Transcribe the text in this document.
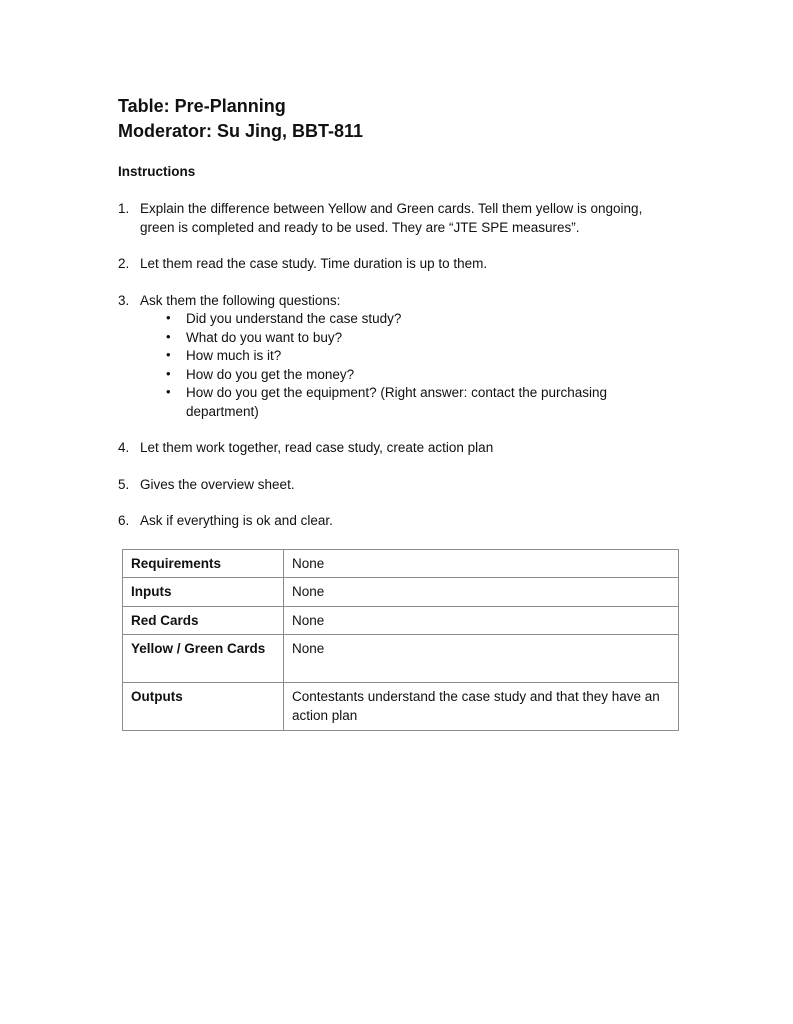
Table: Pre-Planning
Moderator: Su Jing, BBT-811
Instructions
1. Explain the difference between Yellow and Green cards. Tell them yellow is ongoing, green is completed and ready to be used. They are “JTE SPE measures”.
2. Let them read the case study. Time duration is up to them.
3. Ask them the following questions:
• Did you understand the case study?
• What do you want to buy?
• How much is it?
• How do you get the money?
• How do you get the equipment? (Right answer: contact the purchasing department)
4. Let them work together, read case study, create action plan
5. Gives the overview sheet.
6. Ask if everything is ok and clear.
Requirements	None
Inputs	None
Red Cards	None
Yellow / Green Cards	None
Outputs	Contestants understand the case study and that they have an action plan
